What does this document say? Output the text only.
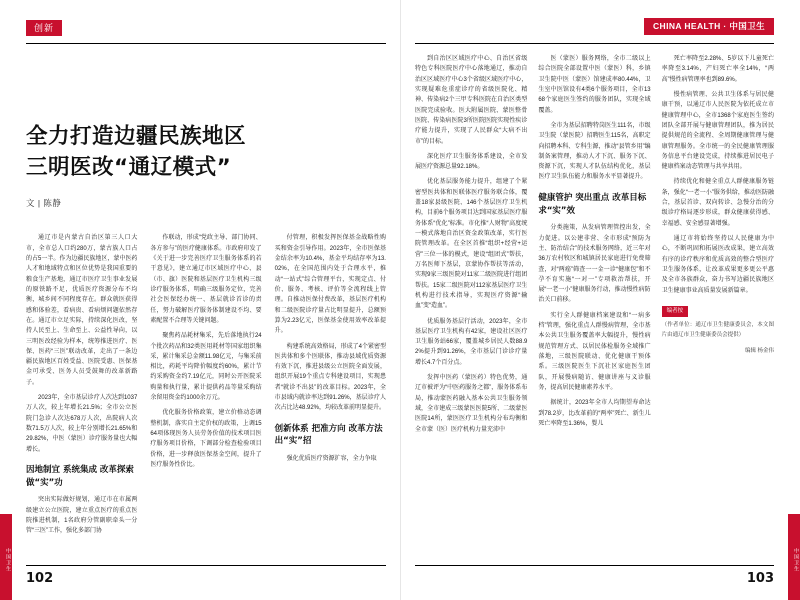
创新
全力打造边疆民族地区
三明医改“通辽模式”
文 | 陈静

通辽市是内蒙古自治区第三人口大市，全市总人口约280万，蒙古族人口占的占5一半。作为边疆民族地区，蒙中医药人才和地域特点和区位优势是我国重要的粮食生产基地，通辽市医疗卫生事业发展的原铁路不足，优质医疗资源分布不均衡，城乡间不同程度存在。群众就医获得感和体验差，看病贵、看病烦问题依然存在。通辽市立足实际，持续深化医改，坚持人民至上、生命至上、公益性导向，以三明医改经验为样本，统筹推进医疗、医保、医药“三医”联动改革，走出了一条边疆民族地区百姓受益、医院受惠、医保基金可承受、医务人员受鼓舞的改革新路子。

2023年，全市基层诊疗人次达到1037万人次，较上年增长21.5%；全市公立医院门急诊人次达678万人次，出院病人次数71.5万人次，较上年分别增长21.65%和29.82%，中医（蒙医）诊疗服务量也大幅增长。

因地制宜 系统集成 改革探索做“实”功

突出实际做好规划，通辽市在市属两级建立公立医院，建立重点医疗的重点医院推进机制，1名政府分管副职牵头一分管“三医”工作，强化多部门协

作联动，形成“党政主导、部门协同、各方参与”的医疗健康体系。市政府印发了《关于进一步完善医疗卫生服务体系的若干意见》，建立通辽市区域医疗中心、县（市、旗）医院和基层医疗卫生机构三级诊疗服务体系，明确三级服务定位，完善社会医保经办统一、基层就诊首诊的责任，努力破解医疗服务体制建设不均、要素配置不合理等关键问题。

聚焦药品耗材集采，先后落地执行24个批次药品和32类医用耗材等国家组织集采，累计集采总金额11.98亿元，与集采前相比，药耗平均降价幅度约60%，累计节约采购资金约7.19亿元，同时公开医院采购量和执行量，累计提供药品等量采购结余留用资金约1000余万元。

优化服务价格政策，建立价格动态调整机制，落实自主定价权的政策，上调1564项体现医务人员劳务价值的技术项目医疗服务项目价格，下调部分检查检验项目价格，进一步释放医保基金空间，提升了医疗服务性价比。

付管理，积极发挥医保基金战略性购买和资金引导作用。2023年，全市医保基金结余率为10.4%，基金平均结存率为13.02%，在全国范围内处于合理水平，推动“一站式”综合管理平台，实现定点、付价、服务、考核、评价等全流程线上管理。自推动医保付费改革，基层医疗机构和二级医院诊疗量占比明显提升，总额预算为2.23亿元，医保基金使用效率改革提升。

构建系统高效格局，形成了4个紧密型医共体和多个医联体，推动县域优质资源有效下沉，推进县级公立医院全面发展，组织开展19个重点专科建设项目，实现患者“就诊不出县”的改革目标。2023年，全市县域内就诊率达到91.26%，基层诊疗人次占比达48.92%，均较改革前明显提升。

创新体系 把准方向 改革方法出“实”招

强化优质医疗资源扩容，全力争取

102
中国卫生
CHINA HEALTH · 中国卫生

到自治区区域医疗中心、自治区省级特色专科医院医疗中心落地通辽，推动自治区区域医疗中心3个省级区域医疗中心，实现疑难危重症诊疗的省级医院化、精神、传染病2个三甲专科医院在自治区类型医院完成验收。医大附属医院、蒙医整骨医院、传染病医院3所医院医院实现性疾诊疗能力提升，实现了人民群众“大病不出市”的目标。

深化医疗卫生服务体系建设，全市发展医疗资源总量92.18%。

优化基层服务能力提升，组建了个紧密型医共体和医联体医疗服务联合体，覆盖18家县级医院、146个基层医疗卫生机构，目前6个服务项目达到国家基层医疗服务体系“优化”标准。市化推“人财物”高度统一模式落地自治区资金政策改革，实行医院管理改革。在全区首推“组织+经营+运营”三位一体的模式，建设“组团式”帮扶，万名医师下基层，京蒙协作帮扶等活动，实现9家三级医院对11家二级医院进行组团帮扶。15家二级医院对112家基层医疗卫生机构进行技术指导，实现医疗资源“输血”变“造血”。

优质服务基层行活动，2023年，全市基层医疗卫生机构有42家，建设社区医疗卫生服务站66家，覆盖城乡居民人数88.92%提升到91.26%，全市基层门诊诊疗量增长4.7个百分点。

发挥中医药（蒙医药）特色优势，通辽市被评为“中医药服务之都”，服务体系布局，推动蒙医药融入基本公共卫生服务领域，全市建成三级蒙医医院5所、二级蒙医医院14所，蒙医医疗卫生机构分布均衡和全市蒙（医）医疗机构力量充沛中

医（蒙医）服务网络，全市二级以上综合医院全部设置中医（蒙医）科，乡镇卫生院中医（蒙医）馆建成率80.44%，卫生室中医馆设有4类6个服务项目，全市1368个家庭医生签约的服务团队，实现全域覆盖。

全市为基层招聘特岗医生111名，市级卫生院（蒙医院）招聘医生115名，高职定向招聘本科、专科生源，推动“县管乡用”编制备案管理，推动人才下沉、服务下沉、资源下沉，实现人才队伍结构优化，基层医疗卫生队伍能力和服务水平显著提升。

健康管护 突出重点 改革目标求“实”效

分类施策，从发病管理管控出发，全力促进。以公建非营、全市形成“预防为主、防治结合”的技术服务网络，近三年对36万农村牧区和城镇居民家庭进行免费筛查，对“两癌”筛查一一金一诊“健康包”和不孕不育实施“一对一”专项救治帮扶，开展“一老一小”健康服务行动，推动慢性病防治关口前移。

实行全人群健康档案建设和“一病多档”管理，强化重点人群慢病管理，全市基本公共卫生服务覆盖率大幅提升，慢性病规范管理方式、以居民体检服务全域推广落地，三级医院联动、优化健康干预体系。三级医院医生下沉社区家庭医生团队，开展慢病随访、健康讲座与义诊服务，提高居民健康素养水平。

据统计，2023年全市人均期望寿命达到78.2岁，比改革前的“两率”死亡、新生儿死亡率降至1.36%，婴儿

死亡率降至2.28%、5岁以下儿童死亡率降至3.14%，产妇死亡率全14%，“两高”慢性病管理率也到89.6%。

慢性病管理、公共卫生体系与居民健康干预，以通辽市人民医院为依托成立市健康管理中心，全市1368个家庭医生签约团队全部开展与健康管理团队，推为居民提供规范的全流程、全周期健康管理与健康管理服务。全市统一的全民健康管理服务信息平台建设完成，持续推进居民电子健康档案动态管理与共享共用。

持续优化和健全重点人群健康服务链条，强化“一老一小”服务供给，推动医防融合，基层首诊、双向转诊、急慢分治的分级诊疗格局逐步形成，群众健康获得感、幸福感、安全感显著增强。

通辽市将始终坚持以人民健康为中心，不断巩固和拓展医改成果，建立高效有序的诊疗秩序和优质高效的整合型医疗卫生服务体系，让改革成果更多更公平惠及全市各族群众，奋力书写边疆民族地区卫生健康事业高质量发展新篇章。

编者按
（作者单位：通辽市卫生健康委员会，本文图片由通辽市卫生健康委员会提供）
编辑 杨金伟
103
中国卫生
